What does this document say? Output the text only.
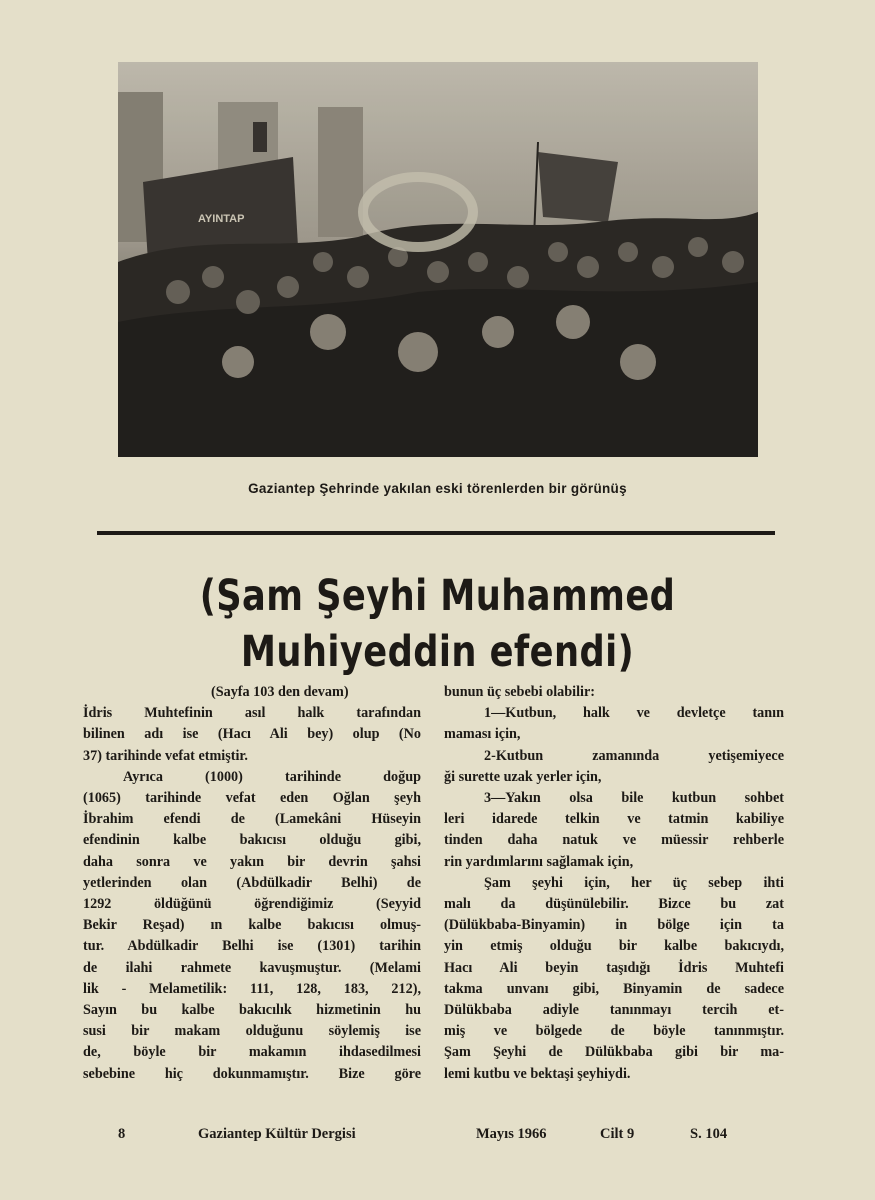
AYINTAP
Gaziantep Şehrinde yakılan eski törenlerden bir görünüş
(Şam Şeyhi Muhammed
Muhiyeddin efendi)
(Sayfa 103 den devam)
İdris Muhtefinin asıl halk tarafından
bilinen adı ise (Hacı Ali bey) olup (No
37) tarihinde vefat etmiştir.
Ayrıca (1000) tarihinde doğup
(1065) tarihinde vefat eden Oğlan şeyh
İbrahim efendi de (Lamekâni Hüseyin
efendinin kalbe bakıcısı olduğu gibi,
daha sonra ve yakın bir devrin şahsi
yetlerinden olan (Abdülkadir Belhi) de
1292 öldüğünü öğrendiğimiz (Seyyid
Bekir Reşad) ın kalbe bakıcısı olmuş-
tur. Abdülkadir Belhi ise (1301) tarihin
de ilahi rahmete kavuşmuştur. (Melami
lik - Melametilik: 111, 128, 183, 212),
Sayın bu kalbe bakıcılık hizmetinin hu
susi bir makam olduğunu söylemiş ise
de, böyle bir makamın ihdasedilmesi
sebebine hiç dokunmamıştır. Bize göre
bunun üç sebebi olabilir:
1—Kutbun, halk ve devletçe tanın
maması için,
2-Kutbun zamanında yetişemiyece
ği surette uzak yerler için,
3—Yakın olsa bile kutbun sohbet
leri idarede telkin ve tatmin kabiliye
tinden daha natuk ve müessir rehberle
rin yardımlarını sağlamak için,
Şam şeyhi için, her üç sebep ihti
malı da düşünülebilir. Bizce bu zat
(Dülükbaba-Binyamin) in bölge için ta
yin etmiş olduğu bir kalbe bakıcıydı,
Hacı Ali beyin taşıdığı İdris Muhtefi
takma unvanı gibi, Binyamin de sadece
Dülükbaba adiyle tanınmayı tercih et-
miş ve bölgede de böyle tanınmıştır.
Şam Şeyhi de Dülükbaba gibi bir ma-
lemi kutbu ve bektaşi şeyhiydi.
8	Gaziantep Kültür Dergisi	Mayıs 1966	Cilt 9	S. 104
